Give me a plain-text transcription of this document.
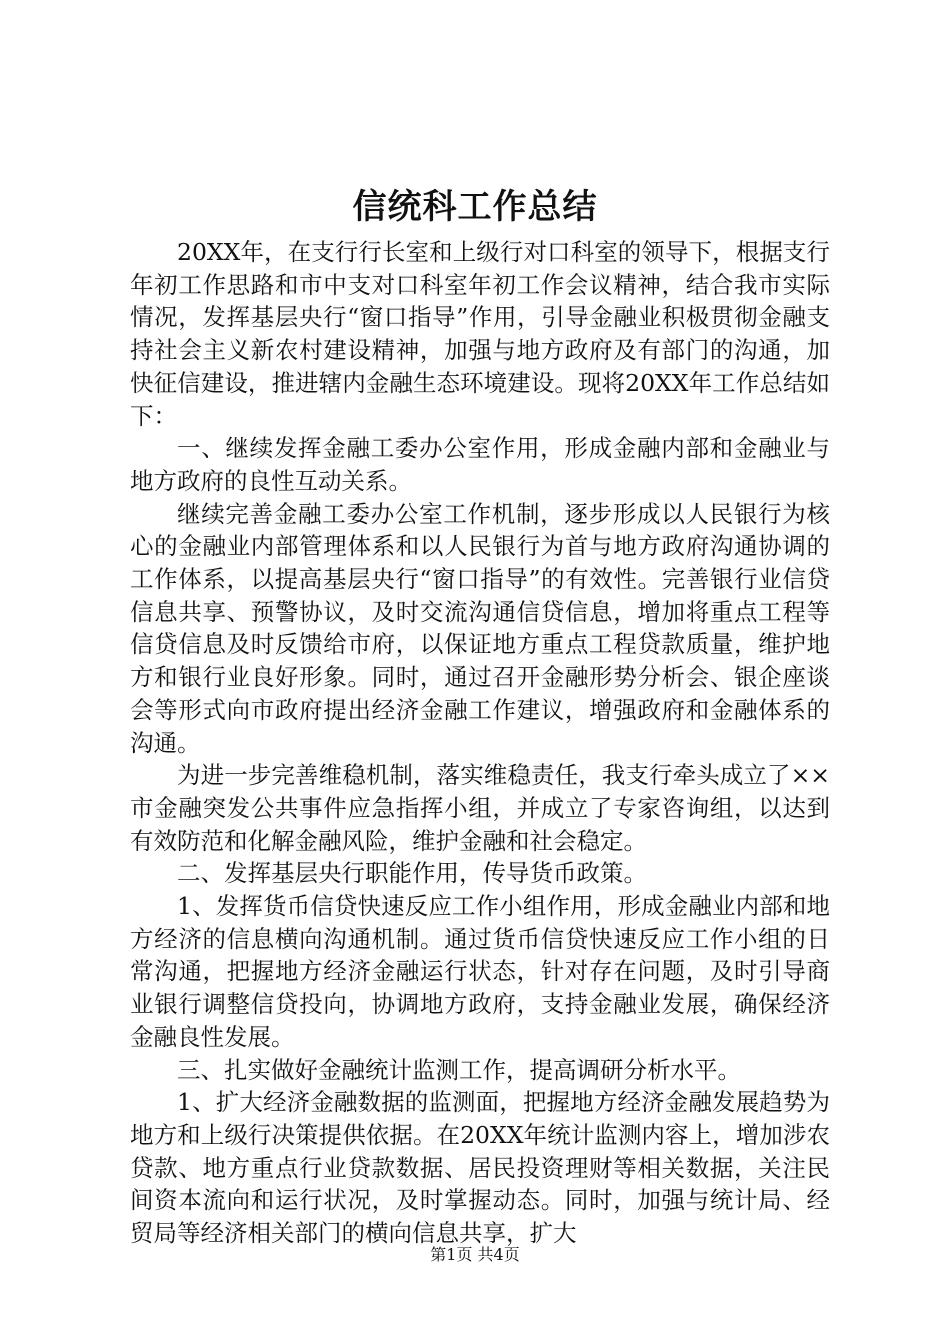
信统科工作总结

20XX年，在支行行长室和上级行对口科室的领导下，根据支行年初工作思路和市中支对口科室年初工作会议精神，结合我市实际情况，发挥基层央行“窗口指导”作用，引导金融业积极贯彻金融支持社会主义新农村建设精神，加强与地方政府及有部门的沟通，加快征信建设，推进辖内金融生态环境建设。现将20XX年工作总结如下：

一、继续发挥金融工委办公室作用，形成金融内部和金融业与地方政府的良性互动关系。

继续完善金融工委办公室工作机制，逐步形成以人民银行为核心的金融业内部管理体系和以人民银行为首与地方政府沟通协调的工作体系，以提高基层央行“窗口指导”的有效性。完善银行业信贷信息共享、预警协议，及时交流沟通信贷信息，增加将重点工程等信贷信息及时反馈给市府，以保证地方重点工程贷款质量，维护地方和银行业良好形象。同时，通过召开金融形势分析会、银企座谈会等形式向市政府提出经济金融工作建议，增强政府和金融体系的沟通。

为进一步完善维稳机制，落实维稳责任，我支行牵头成立了××市金融突发公共事件应急指挥小组，并成立了专家咨询组，以达到有效防范和化解金融风险，维护金融和社会稳定。

二、发挥基层央行职能作用，传导货币政策。

1、发挥货币信贷快速反应工作小组作用，形成金融业内部和地方经济的信息横向沟通机制。通过货币信贷快速反应工作小组的日常沟通，把握地方经济金融运行状态，针对存在问题，及时引导商业银行调整信贷投向，协调地方政府，支持金融业发展，确保经济金融良性发展。

三、扎实做好金融统计监测工作，提高调研分析水平。

1、扩大经济金融数据的监测面，把握地方经济金融发展趋势为地方和上级行决策提供依据。在20XX年统计监测内容上，增加涉农贷款、地方重点行业贷款数据、居民投资理财等相关数据，关注民间资本流向和运行状况，及时掌握动态。同时，加强与统计局、经贸局等经济相关部门的横向信息共享，扩大

第1页 共4页
